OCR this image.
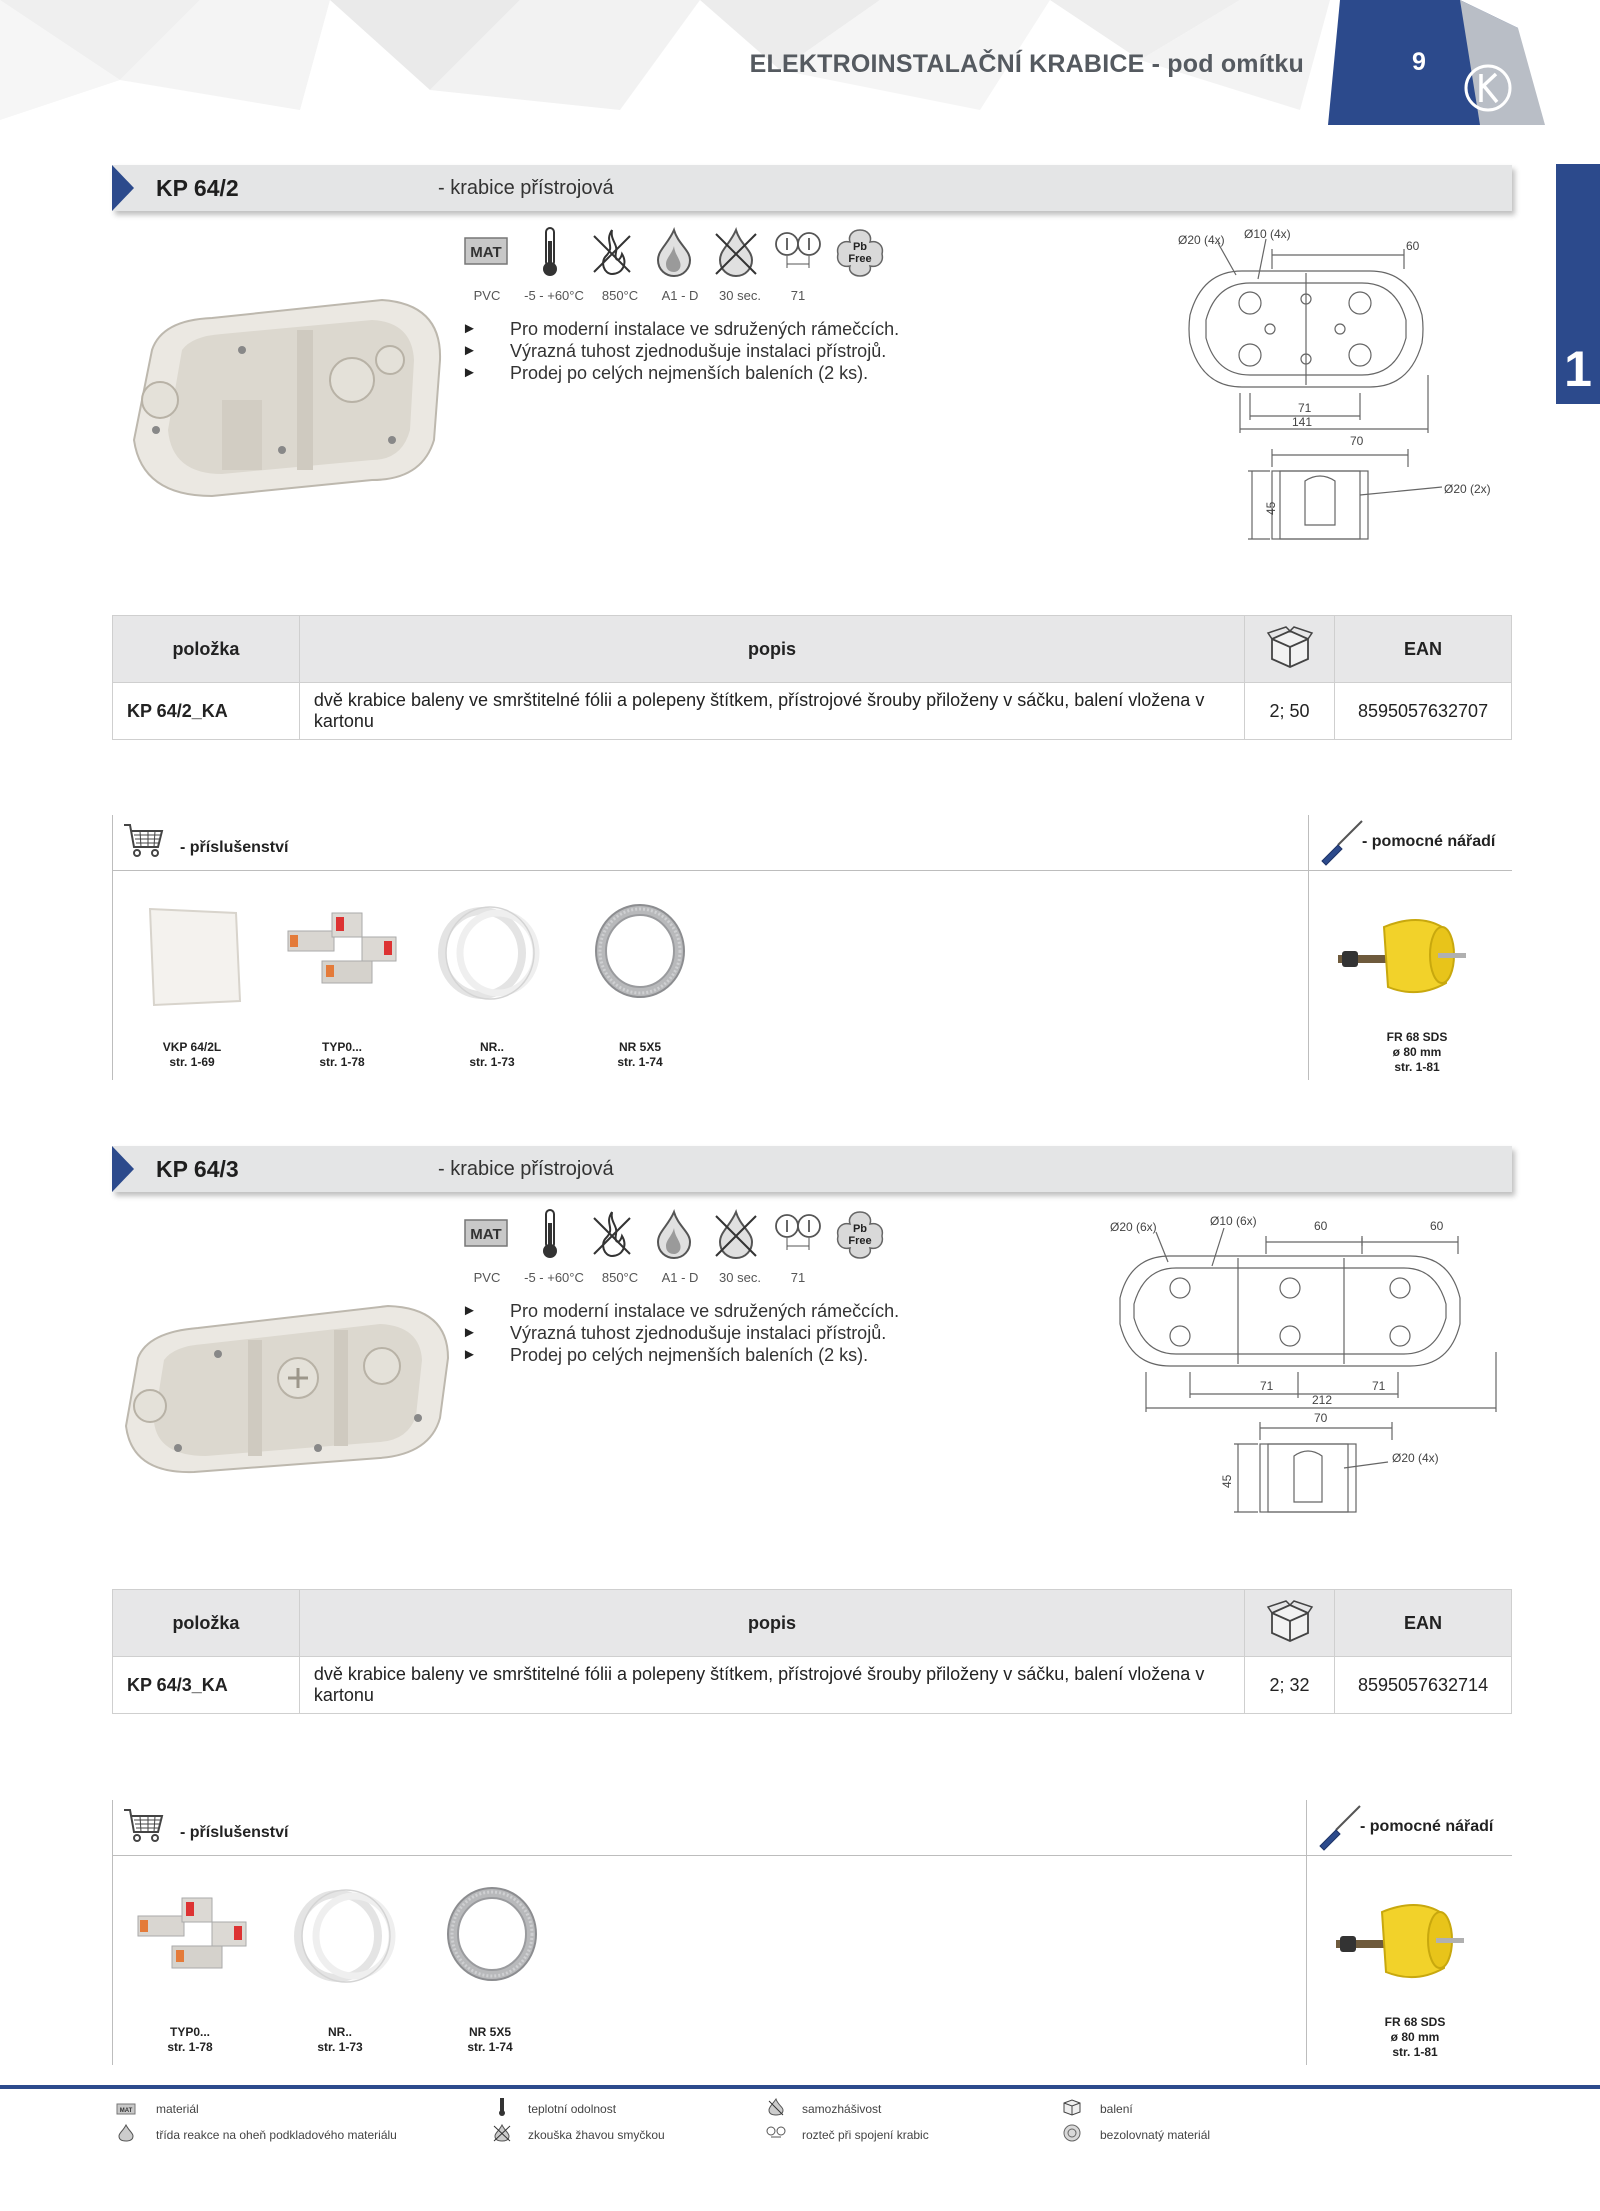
ELEKTROINSTALAČNÍ KRABICE - pod omítku	9
1
KP 64/2	- krabice přístrojová
MAT	Pb
Free
PVC -5 - +60°C 850°C A1 - D 30 sec. 71
► Pro moderní instalace ve sdružených rámečcích.
► Výrazná tuhost zjednodušuje instalaci přístrojů.
► Prodej po celých nejmenších baleních (2 ks).
Ø20 (4x) Ø10 (4x)
60
71
141
70
45
Ø20 (2x)
položka	popis		EAN
KP 64/2_KA	dvě krabice baleny ve smrštitelné fólii a polepeny štítkem, přístrojové šrouby přiloženy v sáčku, balení vložena v kartonu	2; 50	8595057632707
- příslušenství	- pomocné nářadí
VKP 64/2L
str. 1-69
TYP0...
str. 1-78
NR..
str. 1-73
NR 5X5
str. 1-74
FR 68 SDS
ø 80 mm
str. 1-81
KP 64/3	- krabice přístrojová
MAT	Pb
Free
PVC -5 - +60°C 850°C A1 - D 30 sec. 71
► Pro moderní instalace ve sdružených rámečcích.
► Výrazná tuhost zjednodušuje instalaci přístrojů.
► Prodej po celých nejmenších baleních (2 ks).
Ø20 (6x)	Ø10 (6x)	60	60
71	71
212
70
45
Ø20 (4x)
položka	popis		EAN
KP 64/3_KA	dvě krabice baleny ve smrštitelné fólii a polepeny štítkem, přístrojové šrouby přiloženy v sáčku, balení vložena v kartonu	2; 32	8595057632714
- příslušenství	- pomocné nářadí
TYP0...
str. 1-78
NR..
str. 1-73
NR 5X5
str. 1-74
FR 68 SDS
ø 80 mm
str. 1-81
MAT materiál	teplotní odolnost	samozhášivost	balení
třída reakce na oheň podkladového materiálu	zkouška žhavou smyčkou	rozteč při spojení krabic	bezolovnatý materiál
